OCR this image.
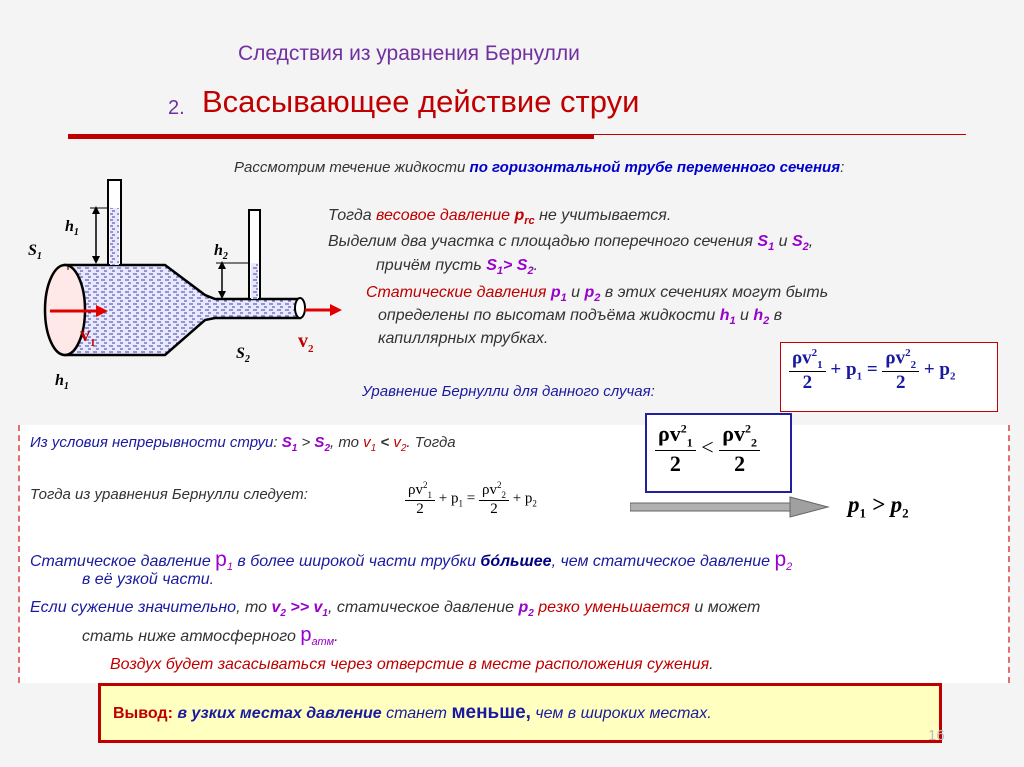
Следствия из уравнения Бернулли
2. Всасывающее действие струи
Рассмотрим течение жидкости по горизонтальной трубе переменного сечения:
$h_1$
$S_1$	$h_2$
$v_1$	$v_2$
$S_2$
$h_1$
Тогда весовое давление $p_{rc}$ не учитывается.
Выделим два участка с площадью поперечного сечения $S_1$ и $S_2$,
причём пусть $S_1> S_2$.
Статические давления $p_1$ и $p_2$ в этих сечениях могут быть
определены по высотам подъёма жидкости $h_1$ и $h_2$ в
капиллярных трубках.
Уравнение Бернулли для данного случая:	$\frac{\rho v^2_1}{2} + p_1 = \frac{\rho v^2_2}{2} + p_2$
Из условия непрерывности струи: $S_1 > S_2$, то $v_1 < v_2$. Тогда	$\frac{\rho v^2_1}{2} < \frac{\rho v^2_2}{2}$
Тогда из уравнения Бернулли следует:	$\frac{\rho v^2_1}{2} + p_1 = \frac{\rho v^2_2}{2} + p_2$	$p_1 > p_2$
Статическое давление $p_1$ в более широкой части трубки бóльшее, чем статическое давление $p_2$
в её узкой части.
Если сужение значительно, то $v_2 >> v_1$, статическое давление $p_2$ резко уменьшается и может
стать ниже атмосферного $p_{атм}$.
Воздух будет засасываться через отверстие в месте расположения сужения.
Вывод: в узких местах давление станет меньше, чем в широких местах.
16
